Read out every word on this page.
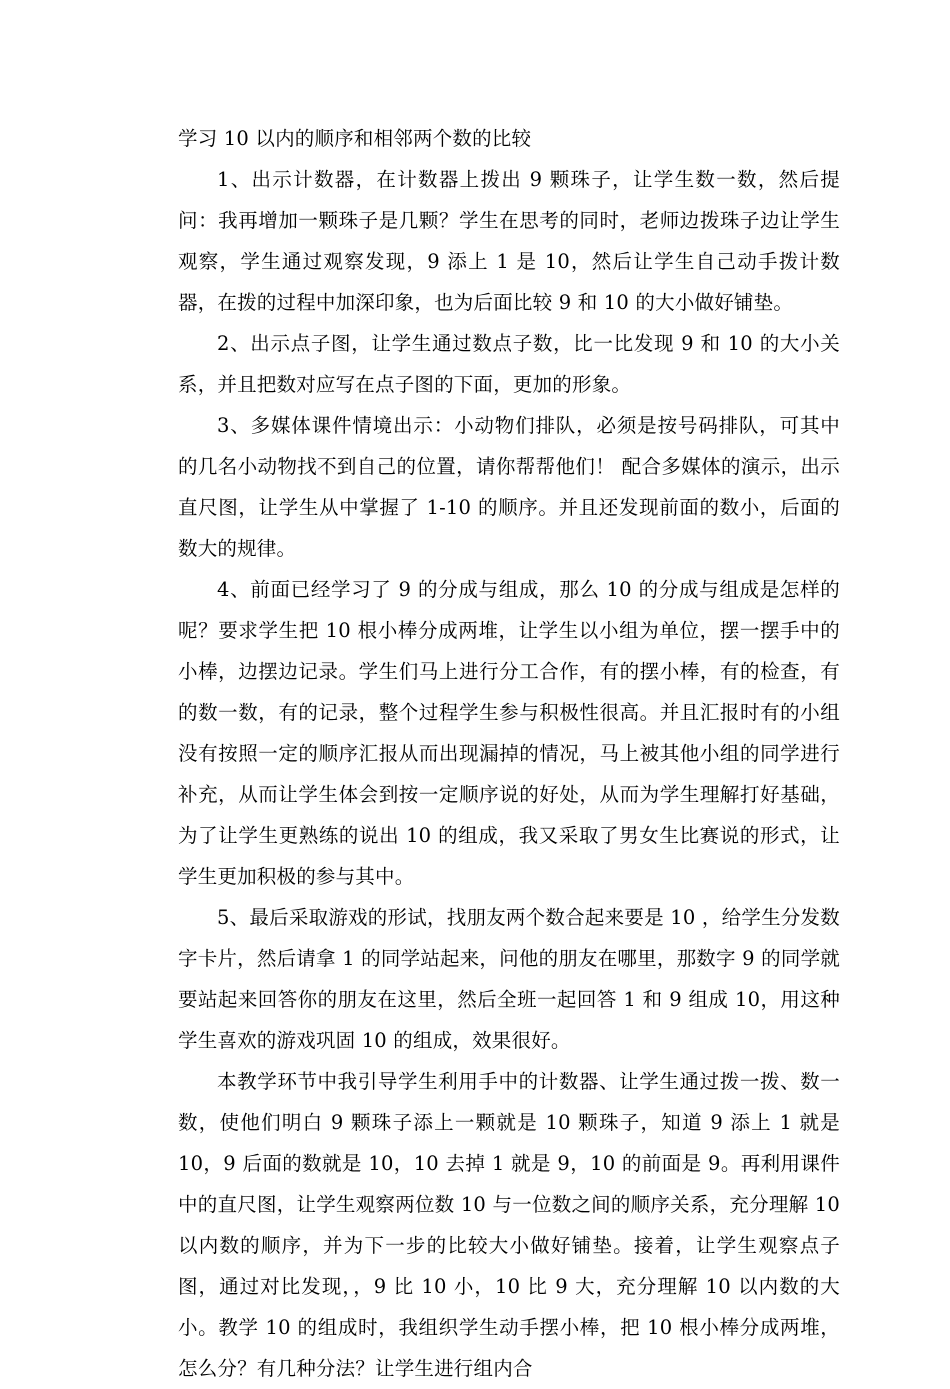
学习 10 以内的顺序和相邻两个数的比较

1、出示计数器，在计数器上拨出 9 颗珠子，让学生数一数，然后提问：我再增加一颗珠子是几颗？学生在思考的同时，老师边拨珠子边让学生观察，学生通过观察发现，9 添上 1 是 10，然后让学生自己动手拨计数器，在拨的过程中加深印象，也为后面比较 9 和 10 的大小做好铺垫。

2、出示点子图，让学生通过数点子数，比一比发现 9 和 10 的大小关系，并且把数对应写在点子图的下面，更加的形象。

3、多媒体课件情境出示：小动物们排队，必须是按号码排队，可其中的几名小动物找不到自己的位置，请你帮帮他们！ 配合多媒体的演示，出示直尺图，让学生从中掌握了 1-10 的顺序。并且还发现前面的数小，后面的数大的规律。

4、前面已经学习了 9 的分成与组成，那么 10 的分成与组成是怎样的呢？要求学生把 10 根小棒分成两堆，让学生以小组为单位，摆一摆手中的小棒，边摆边记录。学生们马上进行分工合作，有的摆小棒，有的检查，有的数一数，有的记录，整个过程学生参与积极性很高。并且汇报时有的小组没有按照一定的顺序汇报从而出现漏掉的情况，马上被其他小组的同学进行补充，从而让学生体会到按一定顺序说的好处，从而为学生理解打好基础，为了让学生更熟练的说出 10 的组成，我又采取了男女生比赛说的形式，让学生更加积极的参与其中。

5、最后采取游戏的形试，找朋友两个数合起来要是 10 ，给学生分发数字卡片，然后请拿 1 的同学站起来，问他的朋友在哪里，那数字 9 的同学就要站起来回答你的朋友在这里，然后全班一起回答 1 和 9 组成 10，用这种学生喜欢的游戏巩固 10 的组成，效果很好。

本教学环节中我引导学生利用手中的计数器、让学生通过拨一拨、数一数，使他们明白 9 颗珠子添上一颗就是 10 颗珠子，知道 9 添上 1 就是 10，9 后面的数就是 10，10 去掉 1 就是 9，10 的前面是 9。再利用课件中的直尺图，让学生观察两位数 10 与一位数之间的顺序关系，充分理解 10 以内数的顺序，并为下一步的比较大小做好铺垫。接着，让学生观察点子图，通过对比发现，，9 比 10 小，10 比 9 大，充分理解 10 以内数的大小。教学 10 的组成时，我组织学生动手摆小棒，把 10 根小棒分成两堆，怎么分？有几种分法？让学生进行组内合
